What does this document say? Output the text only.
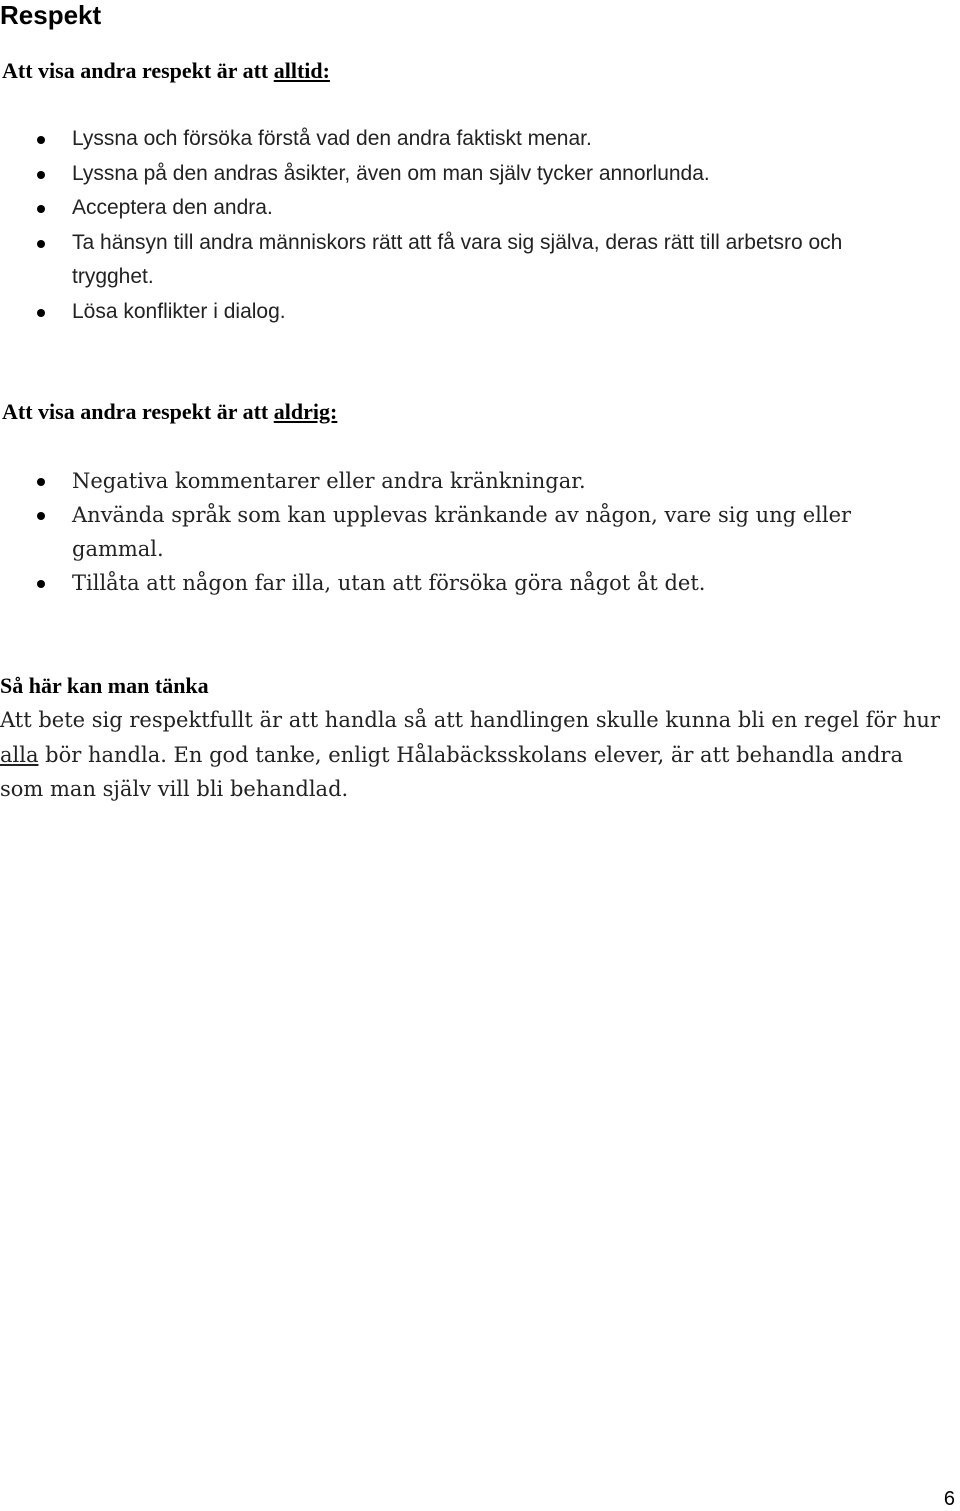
Respekt
Att visa andra respekt är att alltid:
Lyssna och försöka förstå vad den andra faktiskt menar.
Lyssna på den andras åsikter, även om man själv tycker annorlunda.
Acceptera den andra.
Ta hänsyn till andra människors rätt att få vara sig själva, deras rätt till arbetsro och trygghet.
Lösa konflikter i dialog.
Att visa andra respekt är att aldrig:
Negativa kommentarer eller andra kränkningar.
Använda språk som kan upplevas kränkande av någon, vare sig ung eller gammal.
Tillåta att någon far illa, utan att försöka göra något åt det.
Så här kan man tänka
Att bete sig respektfullt är att handla så att handlingen skulle kunna bli en regel för hur alla bör handla. En god tanke, enligt Hålabäcksskolans elever, är att behandla andra som man själv vill bli behandlad.
6
